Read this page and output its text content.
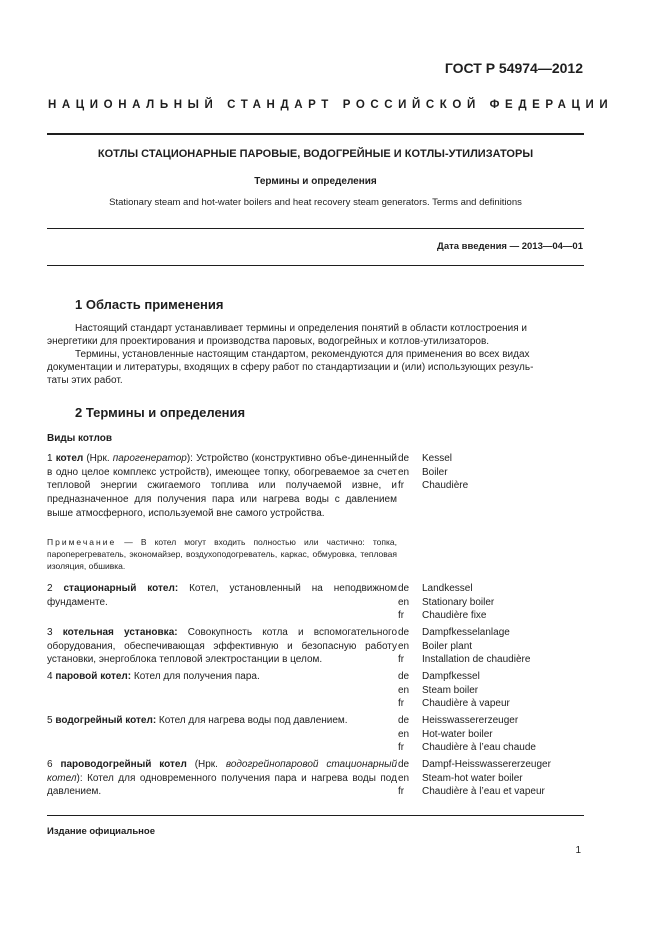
ГОСТ Р 54974—2012
НАЦИОНАЛЬНЫЙ СТАНДАРТ РОССИЙСКОЙ ФЕДЕРАЦИИ
КОТЛЫ СТАЦИОНАРНЫЕ ПАРОВЫЕ, ВОДОГРЕЙНЫЕ И КОТЛЫ-УТИЛИЗАТОРЫ
Термины и определения
Stationary steam and hot-water boilers and heat recovery steam generators. Terms and definitions
Дата введения — 2013—04—01
1 Область применения
Настоящий стандарт устанавливает термины и определения понятий в области котлостроения и
энергетики для проектирования и производства паровых, водогрейных и котлов-утилизаторов.
Термины, установленные настоящим стандартом, рекомендуются для применения во всех видах
документации и литературы, входящих в сферу работ по стандартизации и (или) использующих резуль-
таты этих работ.
2 Термины и определения
Виды котлов
1 котел (Нрк. парогенератор): Устройство (конструктивно объе-диненный в одно целое комплекс устройств), имеющее топку, обогреваемое за счет тепловой энергии сжигаемого топлива или получаемой извне, и предназначенное для получения пара или нагрева воды с давлением выше атмосферного, используемой вне самого устройства.
de	Kessel
en	Boiler
fr	Chaudière
Примечание — В котел могут входить полностью или частично: топка, пароперегреватель, экономайзер, воздухоподогреватель, каркас, обмуровка, тепловая изоляция, обшивка.
2 стационарный котел: Котел, установленный на неподвижном фундаменте.
de	Landkessel
en	Stationary boiler
fr	Chaudière fixe
3 котельная установка: Совокупность котла и вспомогательного оборудования, обеспечивающая эффективную и безопасную работу установки, энергоблока тепловой электростанции в целом.
de	Dampfkesselanlage
en	Boiler plant
fr	Installation de chaudière
4 паровой котел: Котел для получения пара.	de	Dampfkessel
en	Steam boiler
fr	Chaudière à vapeur
5 водогрейный котел: Котел для нагрева воды под давлением.	de	Heisswassererzeuger
en	Hot-water boiler
fr	Chaudière à l’eau chaude
6 пароводогрейный котел (Нрк. водогрейнопаровой стационарный котел): Котел для одновременного получения пара и нагрева воды под давлением.
de	Dampf-Heisswassererzeuger
en	Steam-hot water boiler
fr	Chaudière à l’eau et vapeur
Издание официальное
1
